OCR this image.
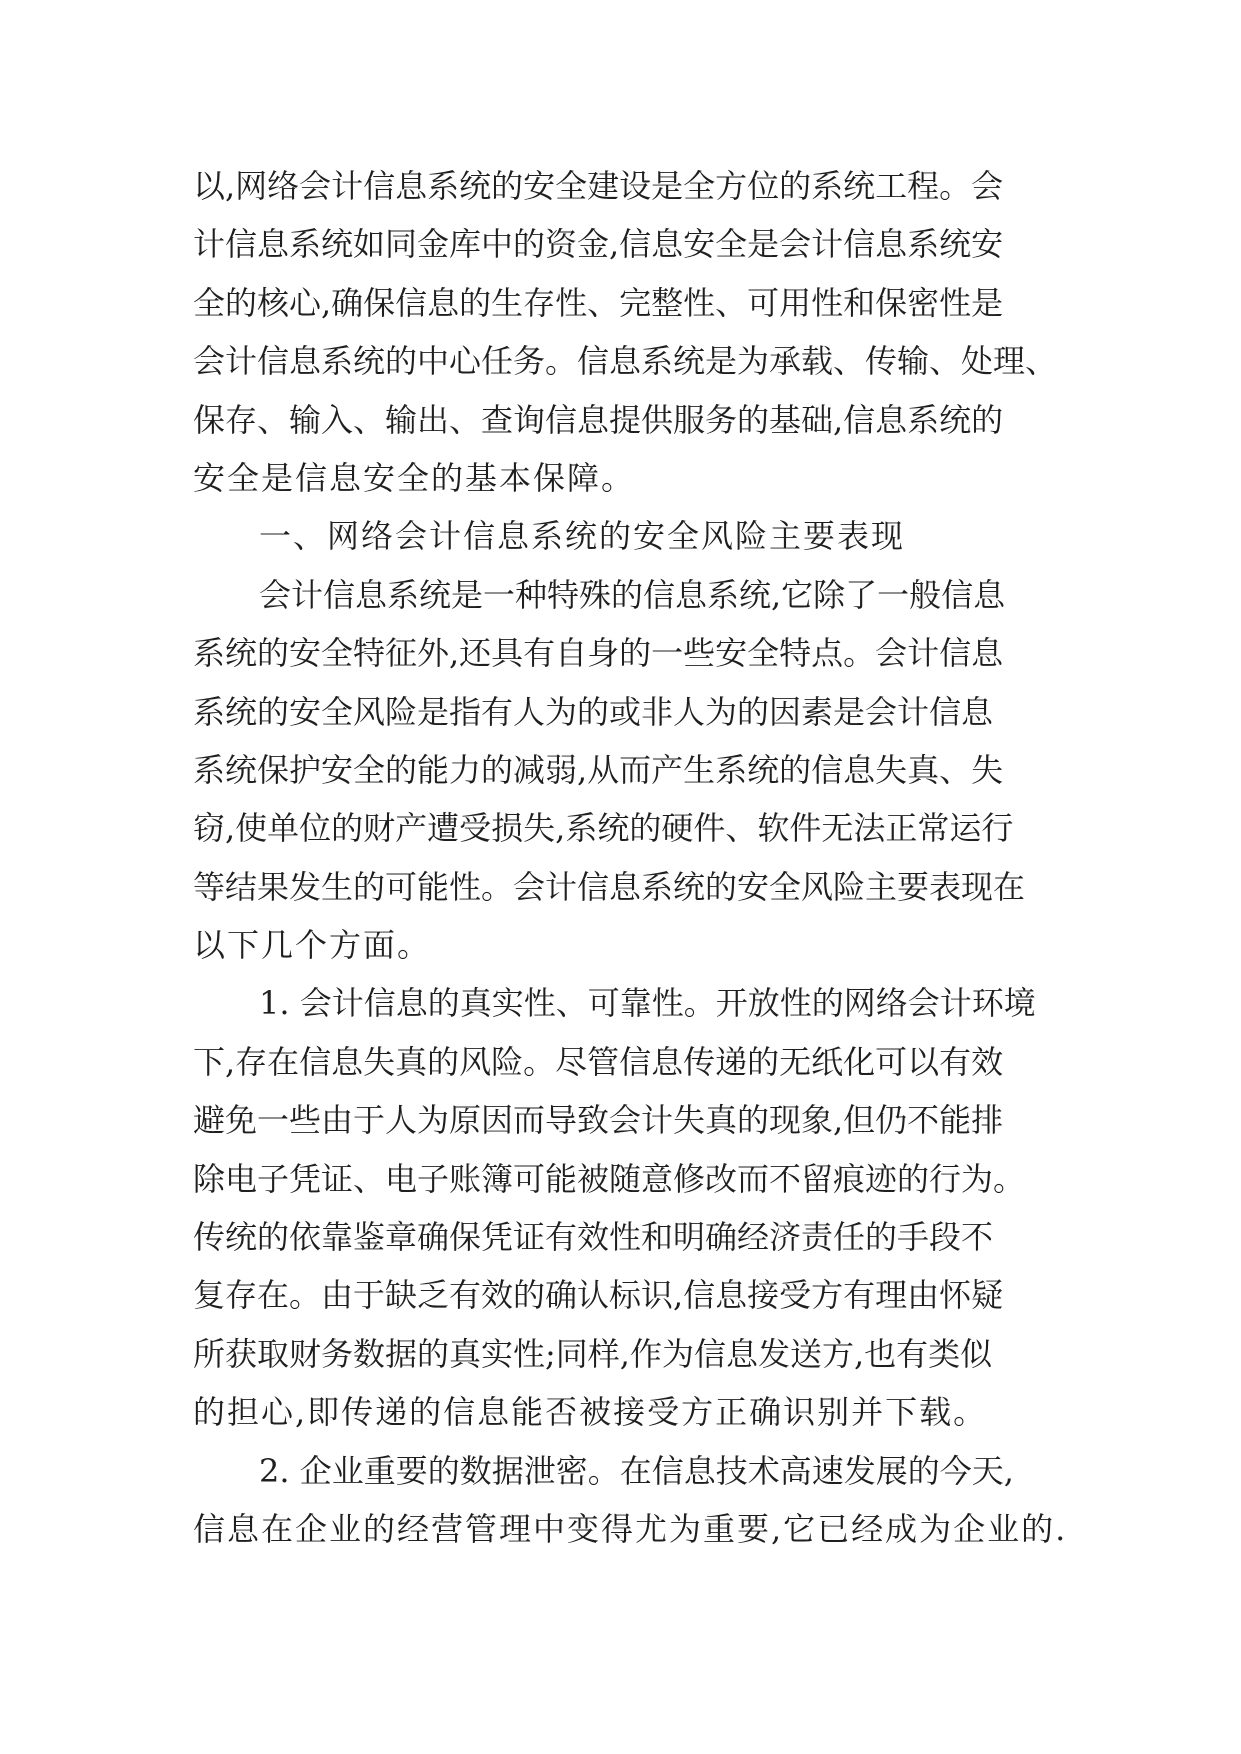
以,网络会计信息系统的安全建设是全方位的系统工程。会
计信息系统如同金库中的资金,信息安全是会计信息系统安
全的核心,确保信息的生存性、完整性、可用性和保密性是
会计信息系统的中心任务。信息系统是为承载、传输、处理、
保存、输入、输出、查询信息提供服务的基础,信息系统的
安全是信息安全的基本保障。
一、网络会计信息系统的安全风险主要表现
会计信息系统是一种特殊的信息系统,它除了一般信息
系统的安全特征外,还具有自身的一些安全特点。会计信息
系统的安全风险是指有人为的或非人为的因素是会计信息
系统保护安全的能力的减弱,从而产生系统的信息失真、失
窃,使单位的财产遭受损失,系统的硬件、软件无法正常运行
等结果发生的可能性。会计信息系统的安全风险主要表现在
以下几个方面。
1. 会计信息的真实性、可靠性。开放性的网络会计环境
下,存在信息失真的风险。尽管信息传递的无纸化可以有效
避免一些由于人为原因而导致会计失真的现象,但仍不能排
除电子凭证、电子账簿可能被随意修改而不留痕迹的行为。
传统的依靠鉴章确保凭证有效性和明确经济责任的手段不
复存在。由于缺乏有效的确认标识,信息接受方有理由怀疑
所获取财务数据的真实性;同样,作为信息发送方,也有类似
的担心,即传递的信息能否被接受方正确识别并下载。
2. 企业重要的数据泄密。在信息技术高速发展的今天,
信息在企业的经营管理中变得尤为重要,它已经成为企业的.
